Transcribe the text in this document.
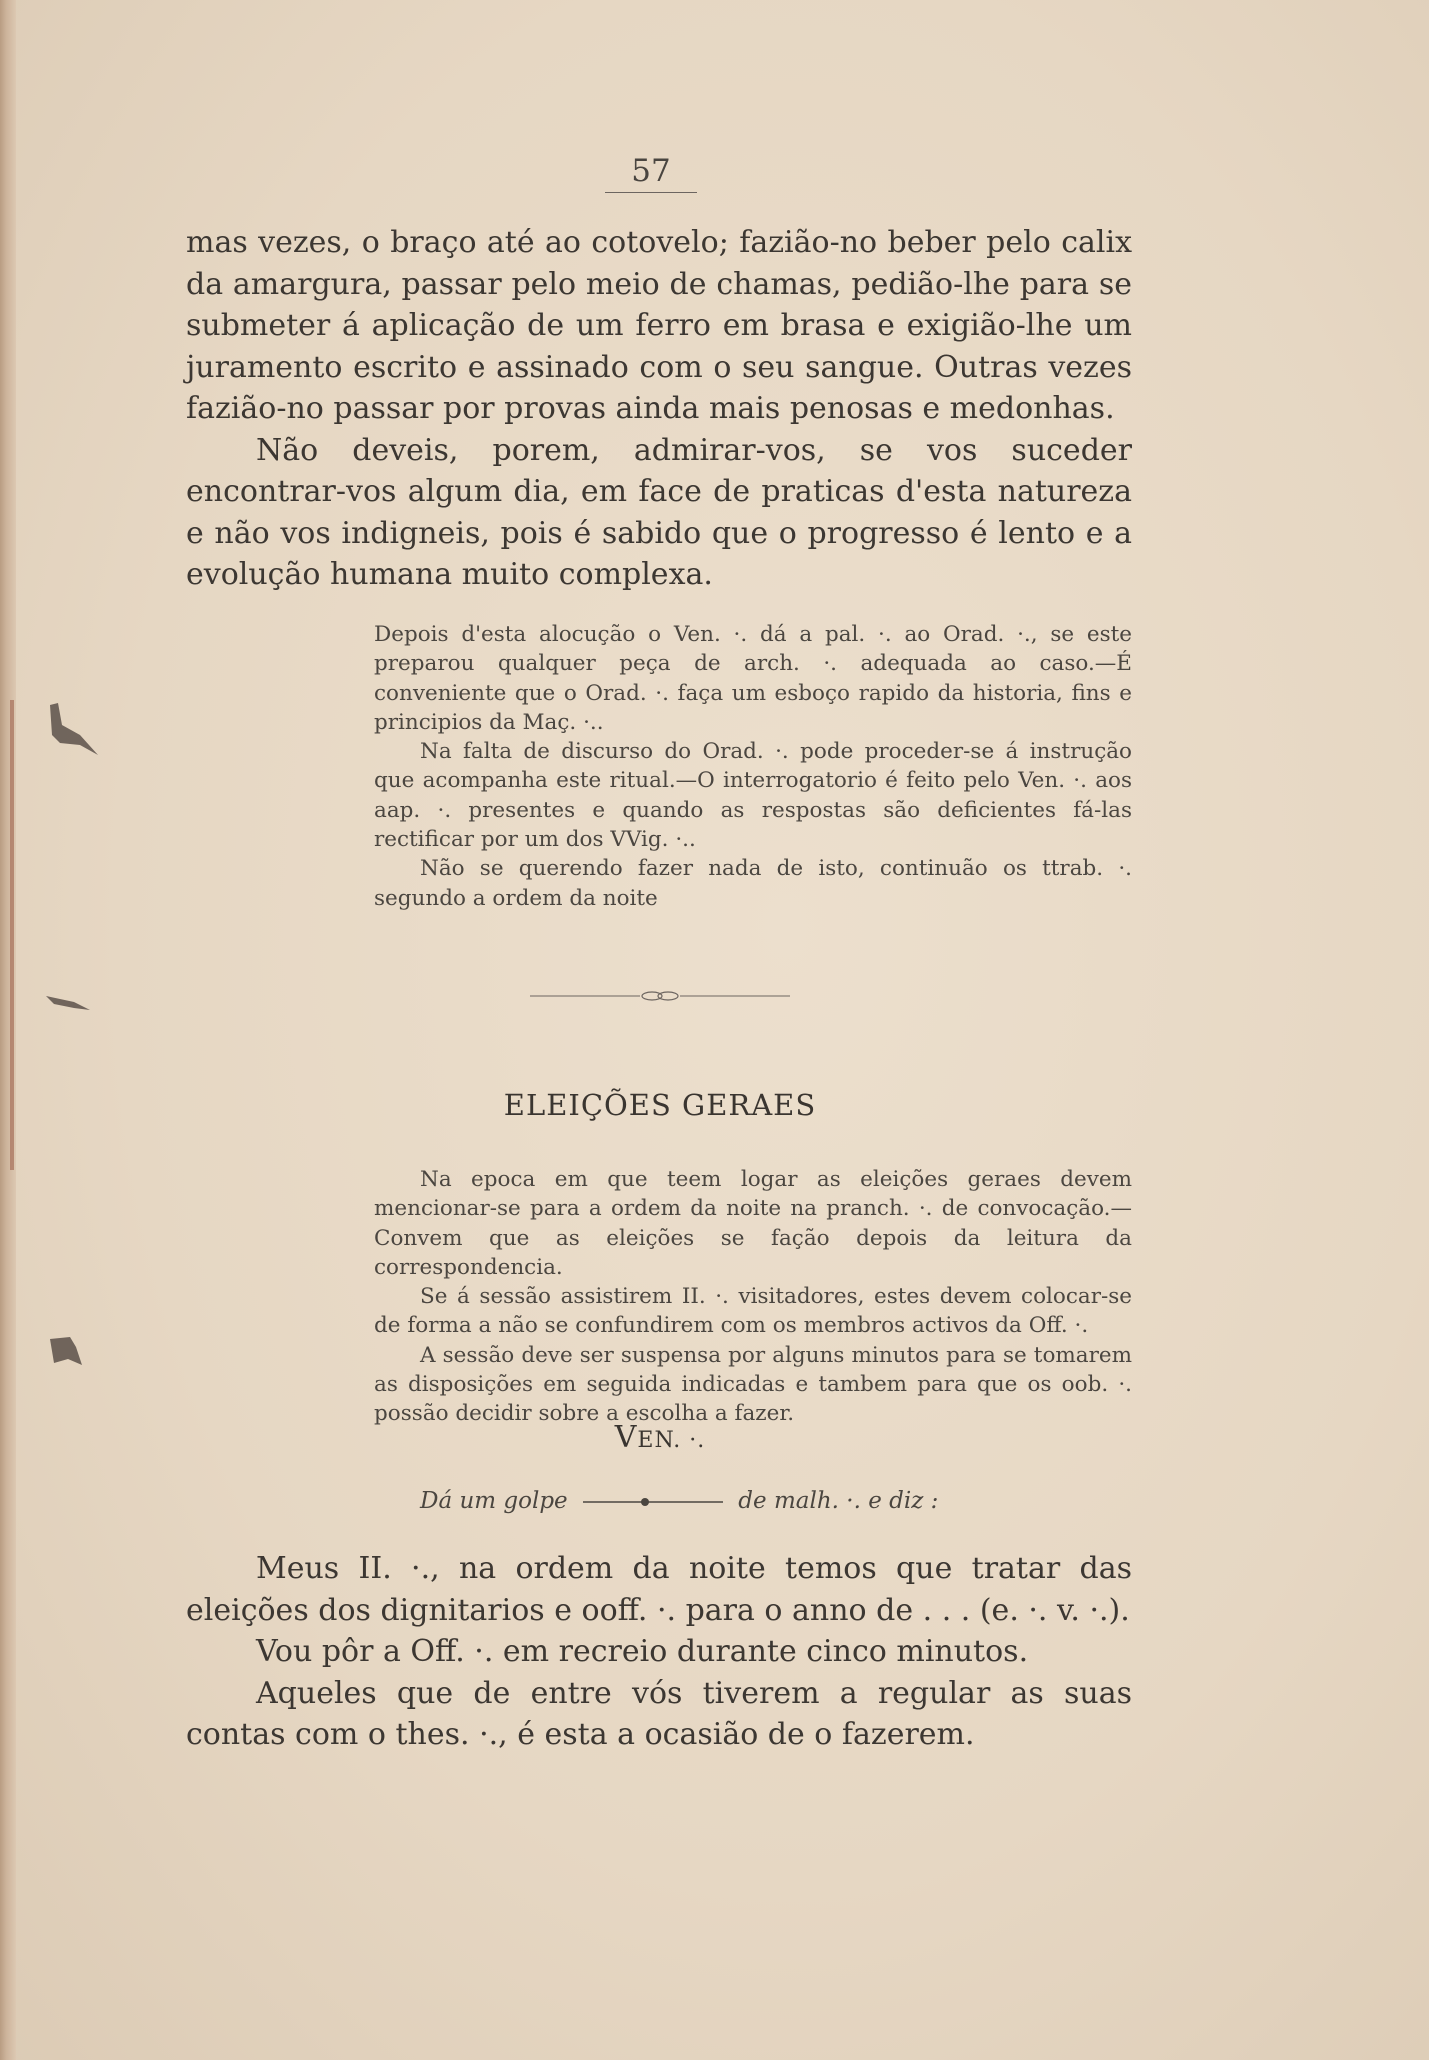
57

mas vezes, o braço até ao cotovelo; fazião-no beber pelo calix da amargura, passar pelo meio de chamas, pedião-lhe para se submeter á aplicação de um ferro em brasa e exigião-lhe um juramento escrito e assinado com o seu sangue. Outras vezes fazião-no passar por provas ainda mais penosas e medonhas.

Não deveis, porem, admirar-vos, se vos suceder encontrar-vos algum dia, em face de praticas d'esta natureza e não vos indigneis, pois é sabido que o progresso é lento e a evolução humana muito complexa.

Depois d'esta alocução o Ven. ·. dá a pal. ·. ao Orad. ·., se este preparou qualquer peça de arch. ·. adequada ao caso.—É conveniente que o Orad. ·. faça um esboço rapido da historia, fins e principios da Maç. ·..

Na falta de discurso do Orad. ·. pode proceder-se á instrução que acompanha este ritual.—O interrogatorio é feito pelo Ven. ·. aos aap. ·. presentes e quando as respostas são deficientes fá-las rectificar por um dos VVig. ·..

Não se querendo fazer nada de isto, continuão os ttrab. ·. segundo a ordem da noite

ELEIÇÕES GERAES

Na epoca em que teem logar as eleições geraes devem mencionar-se para a ordem da noite na pranch. ·. de convocação.—Convem que as eleições se fação depois da leitura da correspondencia.

Se á sessão assistirem II. ·. visitadores, estes devem colocar-se de forma a não se confundirem com os membros activos da Off. ·.

A sessão deve ser suspensa por alguns minutos para se tomarem as disposições em seguida indicadas e tambem para que os oob. ·. possão decidir sobre a escolha a fazer.

VEN. ·.
Dá um golpe	de malh. ·. e diz :

Meus II. ·., na ordem da noite temos que tratar das eleições dos dignitarios e ooff. ·. para o anno de . . . (e. ·. v. ·.).

Vou pôr a Off. ·. em recreio durante cinco minutos.

Aqueles que de entre vós tiverem a regular as suas contas com o thes. ·., é esta a ocasião de o fazerem.
